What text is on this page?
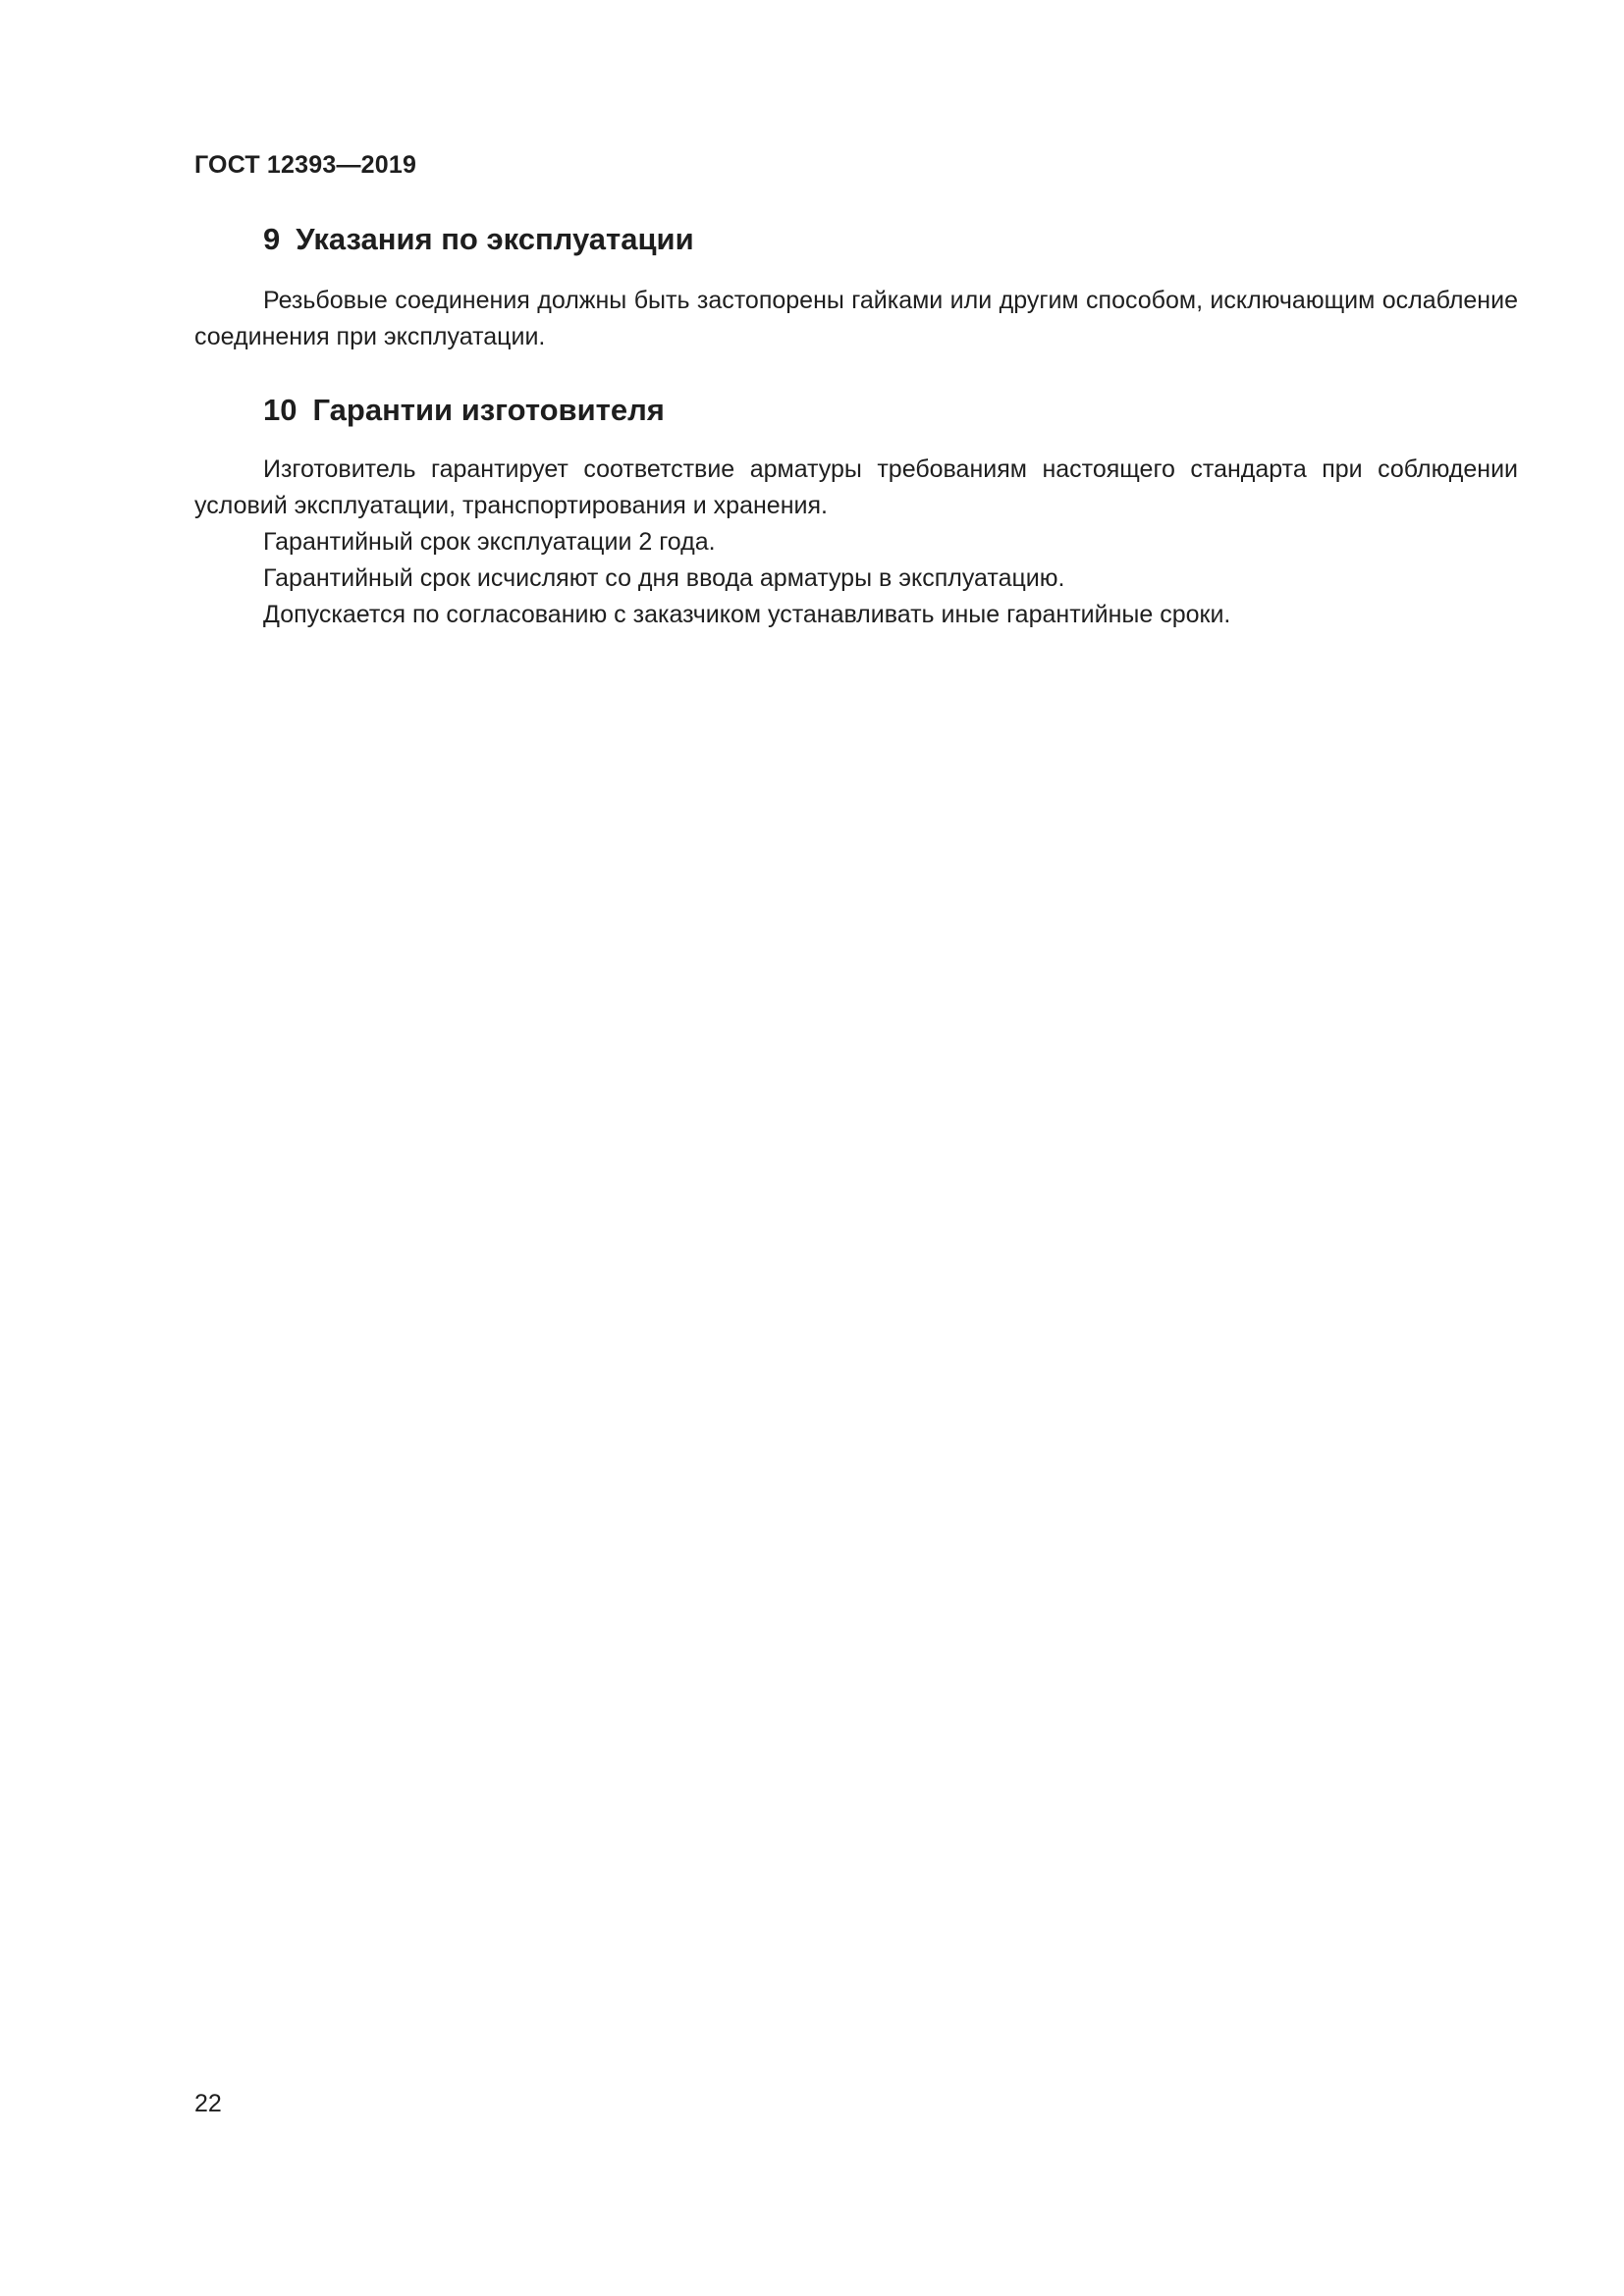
ГОСТ 12393—2019
9 Указания по эксплуатации

Резьбовые соединения должны быть застопорены гайками или другим способом, исключающим ослабление соединения при эксплуатации.

10 Гарантии изготовителя

Изготовитель гарантирует соответствие арматуры требованиям настоящего стандарта при соблюдении условий эксплуатации, транспортирования и хранения.

Гарантийный срок эксплуатации 2 года.

Гарантийный срок исчисляют со дня ввода арматуры в эксплуатацию.

Допускается по согласованию с заказчиком устанавливать иные гарантийные сроки.

22
